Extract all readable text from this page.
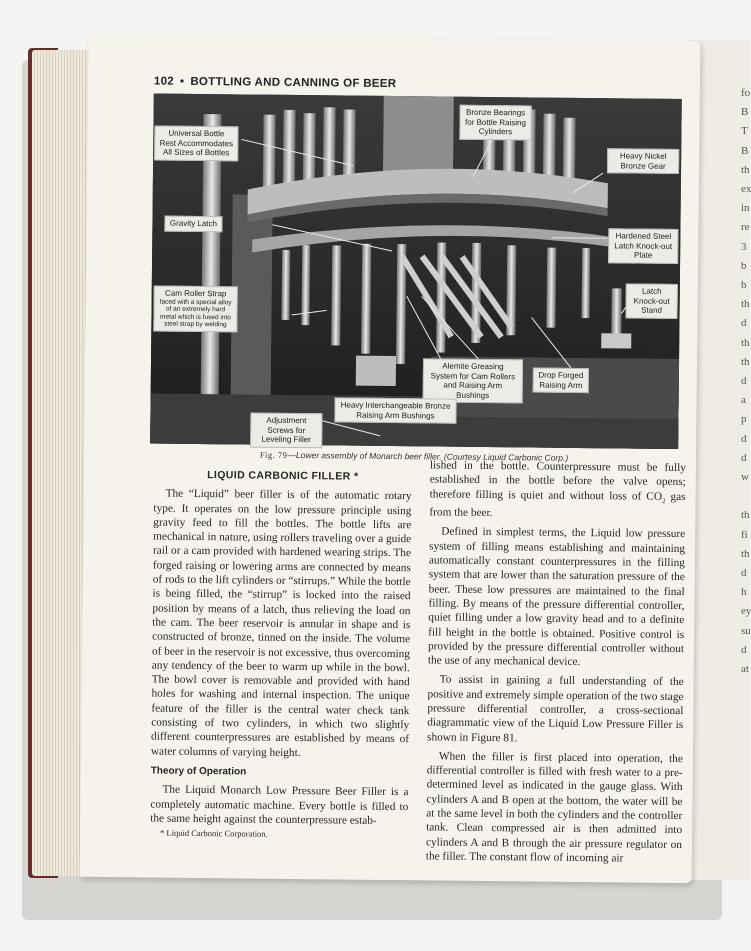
fo
B
T
B
th
ex
in
re
3
b
b
th
d
th
th
d
a
p
d
d
w

th
fi
th
d
h
ey
su
d
at
102 • BOTTLING AND CANNING OF BEER
Universal Bottle Rest Accommodates All Sizes of Bottles
Bronze Bearings for Bottle Raising Cylinders
Heavy Nickel Bronze Gear
Gravity Latch
Hardened Steel Latch Knock-out Plate
Latch Knock-out Stand
Cam Roller Strap
faced with a special alloy of an extremely hard metal which is fused into steel strap by welding
Alemite Greasing System for Cam Rollers and Raising Arm Bushings
Drop Forged Raising Arm
Heavy Interchangeable Bronze Raising Arm Bushings
Adjustment Screws for Leveling Filler
Fig. 79—Lower assembly of Monarch beer filler. (Courtesy Liquid Carbonic Corp.)
LIQUID CARBONIC FILLER *

The “Liquid” beer filler is of the automatic rotary type. It operates on the low pressure principle using gravity feed to fill the bottles. The bottle lifts are mechanical in nature, using rollers traveling over a guide rail or a cam provided with hardened wearing strips. The forged raising or lowering arms are connected by means of rods to the lift cylinders or “stirrups.” While the bottle is being filled, the “stirrup” is locked into the raised position by means of a latch, thus relieving the load on the cam. The beer reservoir is annular in shape and is constructed of bronze, tinned on the inside. The volume of beer in the reservoir is not excessive, thus overcoming any tendency of the beer to warm up while in the bowl. The bowl cover is removable and provided with hand holes for washing and internal inspection. The unique feature of the filler is the central water check tank consisting of two cylinders, in which two slightly different counterpressures are established by means of water columns of varying height.

Theory of Operation

The Liquid Monarch Low Pressure Beer Filler is a completely automatic machine. Every bottle is filled to the same height against the counterpressure estab-

* Liquid Carbonic Corporation.

lished in the bottle. Counterpressure must be fully established in the bottle before the valve opens; therefore filling is quiet and without loss of $CO_2$ gas from the beer.

Defined in simplest terms, the Liquid low pressure system of filling means establishing and maintaining automatically constant counterpressures in the filling system that are lower than the saturation pressure of the beer. These low pressures are maintained to the final filling. By means of the pressure differential controller, quiet filling under a low gravity head and to a definite fill height in the bottle is obtained. Positive control is provided by the pressure differential controller without the use of any mechanical device.

To assist in gaining a full understanding of the positive and extremely simple operation of the two stage pressure differential controller, a cross-sectional diagrammatic view of the Liquid Low Pressure Filler is shown in Figure 81.

When the filler is first placed into operation, the differential controller is filled with fresh water to a pre-determined level as indicated in the gauge glass. With cylinders A and B open at the bottom, the water will be at the same level in both the cylinders and the controller tank. Clean compressed air is then admitted into cylinders A and B through the air pressure regulator on the filler. The constant flow of incoming air
